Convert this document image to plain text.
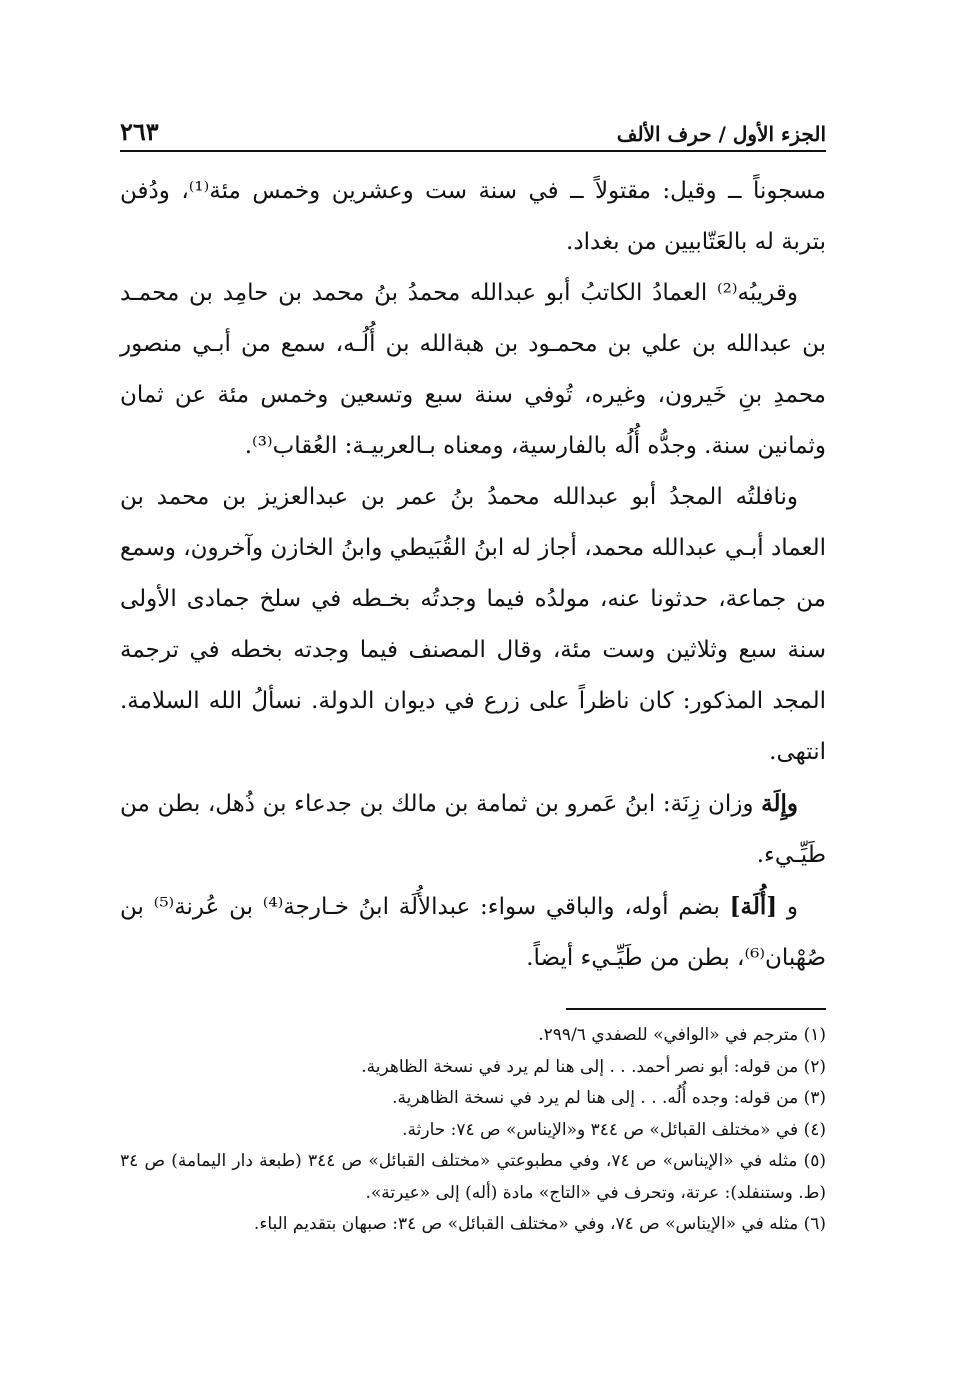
الجزء الأول / حرف الألف
٢٦٣

مسجوناً ــ وقيل: مقتولاً ــ في سنة ست وعشرين وخمس مئة⁽¹⁾، ودُفن بتربة له بالعَتّابيين من بغداد.

وقريبُه⁽²⁾ العمادُ الكاتبُ أبو عبدالله محمدُ بنُ محمد بن حامِد بن محمـد بن عبدالله بن علي بن محمـود بن هبةالله بن أُلُـه، سمع من أبـي منصور محمدِ بنِ خَيرون، وغيره، تُوفي سنة سبع وتسعين وخمس مئة عن ثمان وثمانين سنة. وجدُّه أُلُه بالفارسية، ومعناه بـالعربيـة: العُقاب⁽³⁾.

ونافلتُه المجدُ أبو عبدالله محمدُ بنُ عمر بن عبدالعزيز بن محمد بن العماد أبـي عبدالله محمد، أجاز له ابنُ القُبَيطي وابنُ الخازن وآخرون، وسمع من جماعة، حدثونا عنه، مولدُه فيما وجدتُه بخـطه في سلخ جمادى الأولى سنة سبع وثلاثين وست مئة، وقال المصنف فيما وجدته بخطه في ترجمة المجد المذكور: كان ناظراً على زرع في ديوان الدولة. نسألُ الله السلامة. انتهى.

وإِلَة وزان زِنَة: ابنُ عَمرو بن ثمامة بن مالك بن جدعاء بن ذُهل، بطن من طَيِّـيء.

و [أُلَة] بضم أوله، والباقي سواء: عبدالأُلَة ابنُ خـارجة⁽⁴⁾ بن عُرنة⁽⁵⁾ بن صُهْبان⁽⁶⁾، بطن من طَيِّـيء أيضاً.

(١) مترجم في «الوافي» للصفدي ٢٩٩/٦.

(٢) من قوله: أبو نصر أحمد. . . إلى هنا لم يرد في نسخة الظاهرية.

(٣) من قوله: وجده أُلُه. . . إلى هنا لم يرد في نسخة الظاهرية.

(٤) في «مختلف القبائل» ص ٣٤٤ و«الإيناس» ص ٧٤: حارثة.

(٥) مثله في «الإيناس» ص ٧٤، وفي مطبوعتي «مختلف القبائل» ص ٣٤٤ (طبعة دار اليمامة) ص ٣٤ (ط. وستنفلد): عرتة، وتحرف في «التاج» مادة (أله) إلى «عيرتة».

(٦) مثله في «الإيناس» ص ٧٤، وفي «مختلف القبائل» ص ٣٤: صبهان بتقديم الباء.
